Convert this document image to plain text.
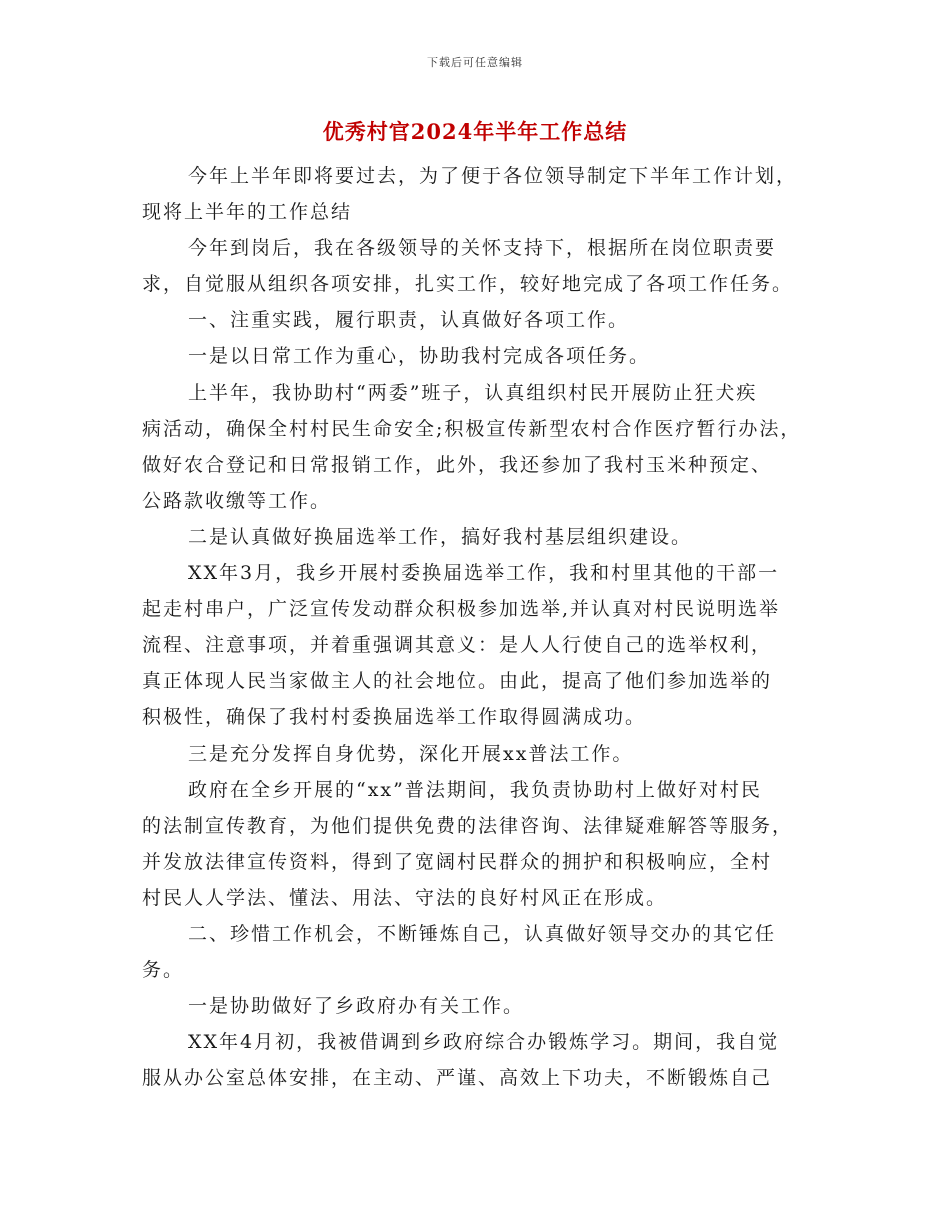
下载后可任意编辑
优秀村官2024年半年工作总结
今年上半年即将要过去，为了便于各位领导制定下半年工作计划，
现将上半年的工作总结
今年到岗后，我在各级领导的关怀支持下，根据所在岗位职责要
求，自觉服从组织各项安排，扎实工作，较好地完成了各项工作任务。
一、注重实践，履行职责，认真做好各项工作。
一是以日常工作为重心，协助我村完成各项任务。
上半年，我协助村“两委”班子，认真组织村民开展防止狂犬疾
病活动，确保全村村民生命安全;积极宣传新型农村合作医疗暂行办法，
做好农合登记和日常报销工作，此外，我还参加了我村玉米种预定、
公路款收缴等工作。
二是认真做好换届选举工作，搞好我村基层组织建设。
XX年3月，我乡开展村委换届选举工作，我和村里其他的干部一
起走村串户，广泛宣传发动群众积极参加选举,并认真对村民说明选举
流程、注意事项，并着重强调其意义：是人人行使自己的选举权利，
真正体现人民当家做主人的社会地位。由此，提高了他们参加选举的
积极性，确保了我村村委换届选举工作取得圆满成功。
三是充分发挥自身优势，深化开展xx普法工作。
政府在全乡开展的“xx”普法期间，我负责协助村上做好对村民
的法制宣传教育，为他们提供免费的法律咨询、法律疑难解答等服务，
并发放法律宣传资料，得到了宽阔村民群众的拥护和积极响应，全村
村民人人学法、懂法、用法、守法的良好村风正在形成。
二、珍惜工作机会，不断锤炼自己，认真做好领导交办的其它任
务。
一是协助做好了乡政府办有关工作。
XX年4月初，我被借调到乡政府综合办锻炼学习。期间，我自觉
服从办公室总体安排，在主动、严谨、高效上下功夫，不断锻炼自己
